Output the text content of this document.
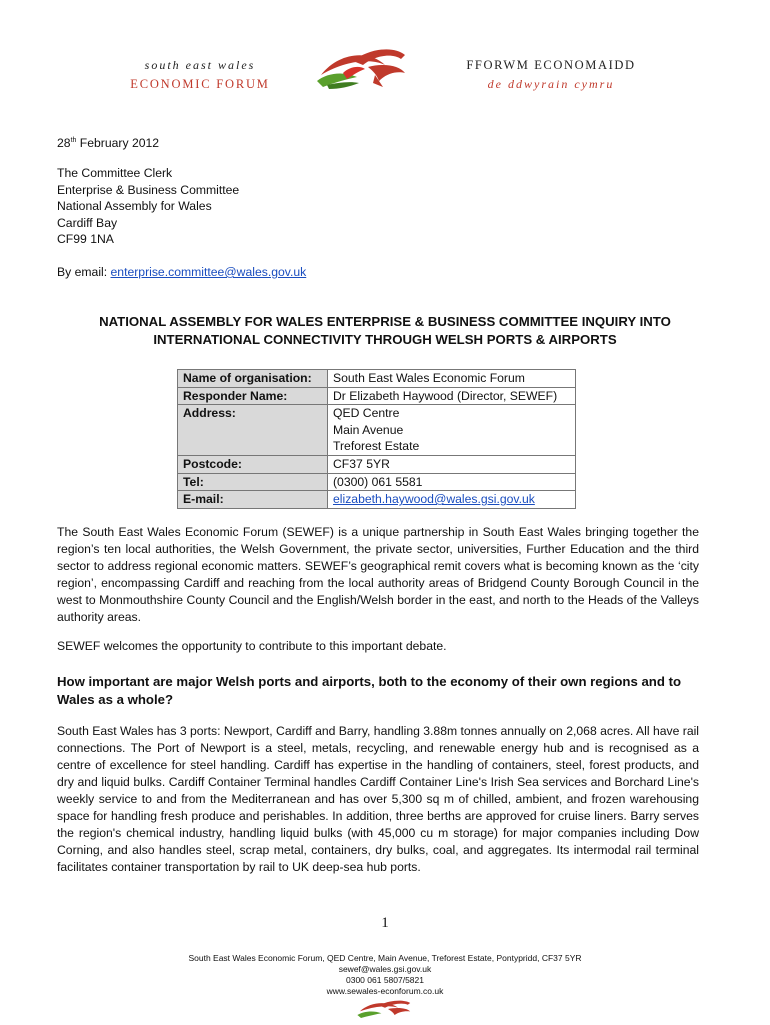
south east wales
ECONOMIC FORUM
FFORWM ECONOMAIDD
de ddwyrain cymru
28th February 2012
The Committee Clerk
Enterprise & Business Committee
National Assembly for Wales
Cardiff Bay
CF99 1NA
By email: enterprise.committee@wales.gov.uk
NATIONAL ASSEMBLY FOR WALES ENTERPRISE & BUSINESS COMMITTEE INQUIRY INTO
INTERNATIONAL CONNECTIVITY THROUGH WELSH PORTS & AIRPORTS
Name of organisation:	South East Wales Economic Forum
Responder Name:	Dr Elizabeth Haywood (Director, SEWEF)
Address:	QED Centre
Main Avenue
Treforest Estate

Postcode:	CF37 5YR
Tel:	(0300) 061 5581
E-mail:	elizabeth.haywood@wales.gsi.gov.uk
The South East Wales Economic Forum (SEWEF) is a unique partnership in South East Wales bringing together the region’s ten local authorities, the Welsh Government, the private sector, universities, Further Education and the third sector to address regional economic matters. SEWEF’s geographical remit covers what is becoming known as the ‘city region’, encompassing Cardiff and reaching from the local authority areas of Bridgend County Borough Council in the west to Monmouthshire County Council and the English/Welsh border in the east, and north to the Heads of the Valleys authority areas.
SEWEF welcomes the opportunity to contribute to this important debate.
How important are major Welsh ports and airports, both to the economy of their own regions and to Wales as a whole?
South East Wales has 3 ports: Newport, Cardiff and Barry, handling 3.88m tonnes annually on 2,068 acres. All have rail connections. The Port of Newport is a steel, metals, recycling, and renewable energy hub and is recognised as a centre of excellence for steel handling. Cardiff has expertise in the handling of containers, steel, forest products, and dry and liquid bulks. Cardiff Container Terminal handles Cardiff Container Line's Irish Sea services and Borchard Line's weekly service to and from the Mediterranean and has over 5,300 sq m of chilled, ambient, and frozen warehousing space for handling fresh produce and perishables. In addition, three berths are approved for cruise liners. Barry serves the region's chemical industry, handling liquid bulks (with 45,000 cu m storage) for major companies including Dow Corning, and also handles steel, scrap metal, containers, dry bulks, coal, and aggregates. Its intermodal rail terminal facilitates container transportation by rail to UK deep-sea hub ports.
1
South East Wales Economic Forum, QED Centre, Main Avenue, Treforest Estate, Pontypridd, CF37 5YR
sewef@wales.gsi.gov.uk
0300 061 5807/5821
www.sewales-econforum.co.uk
